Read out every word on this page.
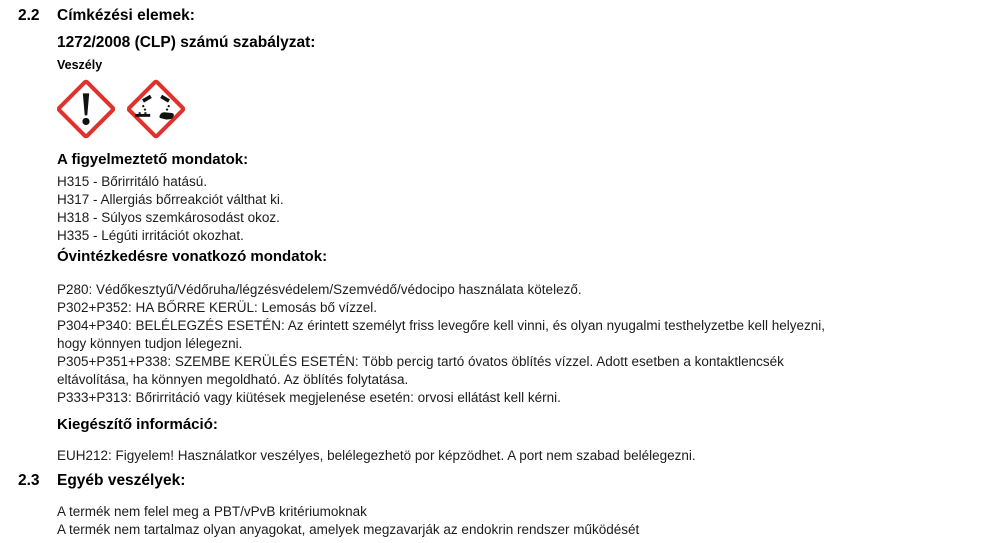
2.2 Címkézési elemek:
1272/2008 (CLP) számú szabályzat:
Veszély
A figyelmeztető mondatok:
H315 - Bőrirritáló hatású.
H317 - Allergiás bőrreakciót válthat ki.
H318 - Súlyos szemkárosodást okoz.
H335 - Légúti irritációt okozhat.
Óvintézkedésre vonatkozó mondatok:
P280: Védőkesztyű/Védőruha/légzésvédelem/Szemvédő/védocipo használata kötelező.
P302+P352: HA BŐRRE KERÜL: Lemosás bő vízzel.
P304+P340: BELÉLEGZÉS ESETÉN: Az érintett személyt friss levegőre kell vinni, és olyan nyugalmi testhelyzetbe kell helyezni,
hogy könnyen tudjon lélegezni.
P305+P351+P338: SZEMBE KERÜLÉS ESETÉN: Több percig tartó óvatos öblítés vízzel. Adott esetben a kontaktlencsék
eltávolítása, ha könnyen megoldható. Az öblítés folytatása.
P333+P313: Bőrirritáció vagy kiütések megjelenése esetén: orvosi ellátást kell kérni.
Kiegészítő információ:
EUH212: Figyelem! Használatkor veszélyes, belélegezhetö por képzödhet. A port nem szabad belélegezni.
2.3 Egyéb veszélyek:
A termék nem felel meg a PBT/vPvB kritériumoknak
A termék nem tartalmaz olyan anyagokat, amelyek megzavarják az endokrin rendszer működését
